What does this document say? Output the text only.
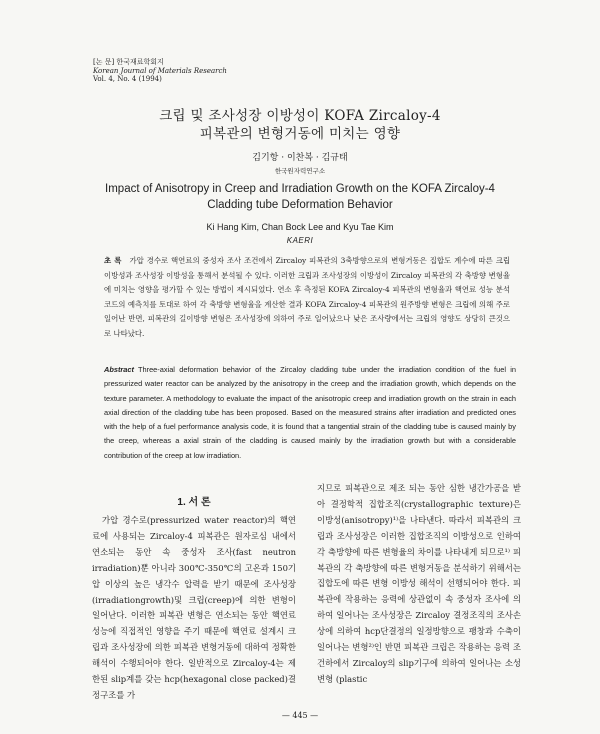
[논 문] 한국재료학회지
Korean Journal of Materials Research
Vol. 4, No. 4 (1994)
크립 및 조사성장 이방성이 KOFA Zircaloy-4
피복관의 변형거동에 미치는 영향
김기항 · 이찬복 · 김규태
한국원자력연구소
Impact of Anisotropy in Creep and Irradiation Growth on the KOFA Zircaloy-4
Cladding tube Deformation Behavior
Ki Hang Kim, Chan Bock Lee and Kyu Tae Kim
KAERI
초 록 가압 경수로 핵연료의 중성자 조사 조건에서 Zircaloy 피복관의 3축방향으로의 변형거동은 집합도 계수에 따른 크립 이방성과 조사성장 이방성을 통해서 분석될 수 있다. 이러한 크립과 조사성장의 이방성이 Zircaloy 피복관의 각 축방향 변형율에 미치는 영향을 평가할 수 있는 방법이 제시되었다. 연소 후 측정된 KOFA Zircaloy-4 피복관의 변형율과 핵연료 성능 분석 코드의 예측치를 토대로 하여 각 축방향 변형율을 계산한 결과 KOFA Zircaloy-4 피복관의 원주방향 변형은 크립에 의해 주로 일어난 반면, 피복관의 길이방향 변형은 조사성장에 의하여 주로 일어났으나 낮은 조사량에서는 크립의 영향도 상당히 큰것으로 나타났다.
Abstract Three-axial deformation behavior of the Zircaloy cladding tube under the irradiation condition of the fuel in pressurized water reactor can be analyzed by the anisotropy in the creep and the irradiation growth, which depends on the texture parameter. A methodology to evaluate the impact of the anisotropic creep and irradiation growth on the strain in each axial direction of the cladding tube has been proposed. Based on the measured strains after irradiation and predicted ones with the help of a fuel performance analysis code, it is found that a tangential strain of the cladding tube is caused mainly by the creep, whereas a axial strain of the cladding is caused mainly by the irradiation growth but with a considerable contribution of the creep at low irradiation.
1. 서 론

가압 경수로(pressurized water reactor)의 핵연료에 사용되는 Zircaloy-4 피복관은 원자로심 내에서 연소되는 동안 속 중성자 조사(fast neutron irradiation)뿐 아니라 300℃-350℃의 고온과 150기압 이상의 높은 냉각수 압력을 받기 때문에 조사성장(irradiationgrowth)및 크립(creep)에 의한 변형이 일어난다. 이러한 피복관 변형은 연소되는 동안 핵연료 성능에 직접적인 영향을 주기 때문에 핵연료 설계시 크립과 조사성장에 의한 피복관 변형거동에 대하여 정확한 해석이 수행되어야 한다. 일반적으로 Zircaloy-4는 제한된 slip계를 갖는 hcp(hexagonal close packed)결정구조를 가

지므로 피복관으로 제조 되는 동안 심한 냉간가공을 받아 결정학적 집합조직(crystallographic texture)은 이방성(anisotropy)¹⁾을 나타낸다. 따라서 피복관의 크립과 조사성장은 이러한 집합조직의 이방성으로 인하여 각 축방향에 따른 변형율의 차이를 나타내게 되므로¹⁾ 피복관의 각 축방향에 따른 변형거동을 분석하기 위해서는 집합도에 따른 변형 이방성 해석이 선행되어야 한다. 피복관에 작용하는 응력에 상관없이 속 중성자 조사에 의하여 일어나는 조사성장은 Zircaloy 결정조직의 조사손상에 의하여 hcp단결정의 일정방향으로 팽창과 수축이 일어나는 변형²⁾인 반면 피복관 크립은 작용하는 응력 조건하에서 Zircaloy의 slip기구에 의하여 일어나는 소성변형 (plastic

— 445 —
